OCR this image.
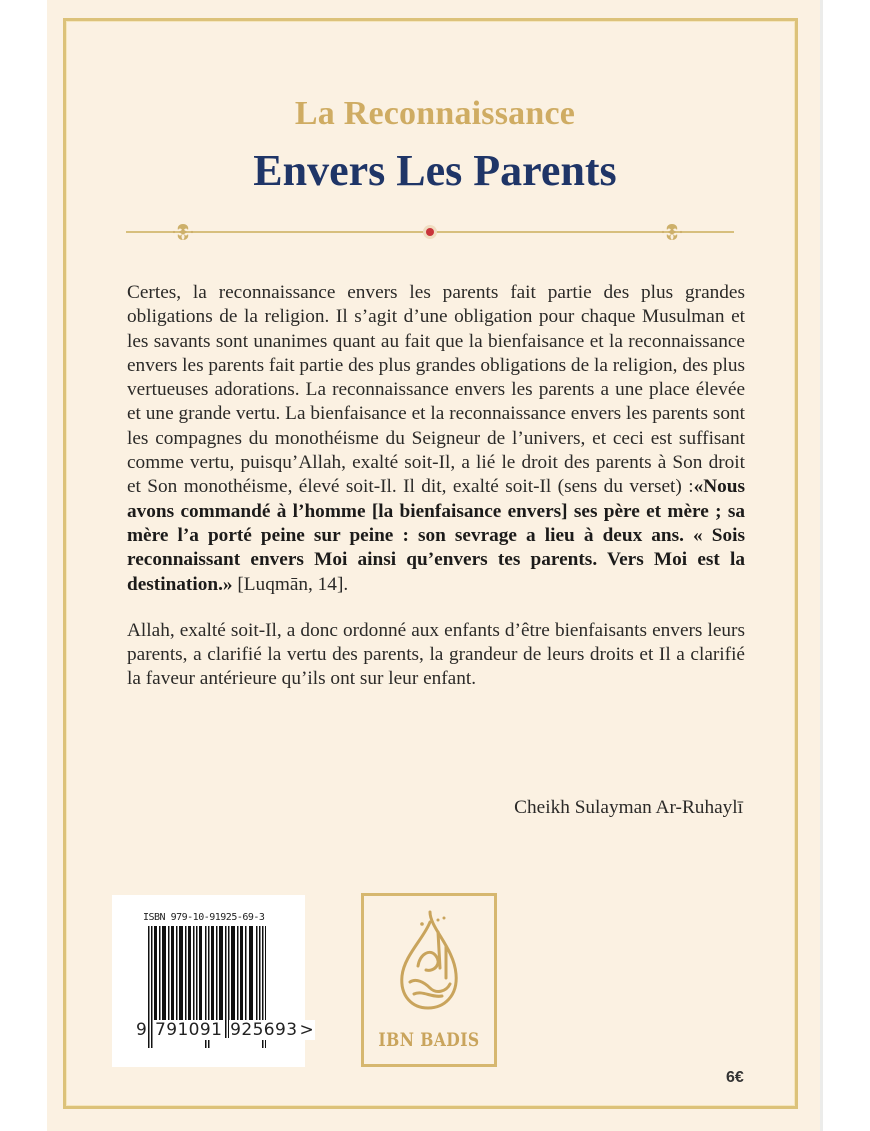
La Reconnaissance
Envers Les Parents

Certes, la reconnaissance envers les parents fait partie des plus grandes obligations de la religion. Il s’agit d’une obligation pour chaque Musulman et les savants sont unanimes quant au fait que la bienfaisance et la reconnaissance envers les parents fait partie des plus grandes obligations de la religion, des plus vertueuses adorations. La reconnaissance envers les parents a une place élevée et une grande vertu. La bienfaisance et la reconnaissance envers les parents sont les compagnes du monothéisme du Seigneur de l’univers, et ceci est suffisant comme vertu, puisqu’Allah, exalté soit-Il, a lié le droit des parents à Son droit et Son monothéisme, élevé soit-Il. Il dit, exalté soit-Il (sens du verset) :«Nous avons commandé à l’homme [la bienfaisance envers] ses père et mère ; sa mère l’a porté peine sur peine : son sevrage a lieu à deux ans. « Sois reconnaissant envers Moi ainsi qu’envers tes parents. Vers Moi est la destination.» [Luqmān, 14].

Allah, exalté soit-Il, a donc ordonné aux enfants d’être bienfaisants envers leurs parents, a clarifié la vertu des parents, la grandeur de leurs droits et Il a clarifié la faveur antérieure qu’ils ont sur leur enfant.

Cheikh Sulayman Ar-Ruhaylī
ISBN 979-10-91925-69-3
9 791091 925693 >	IBN BADIS
6€
